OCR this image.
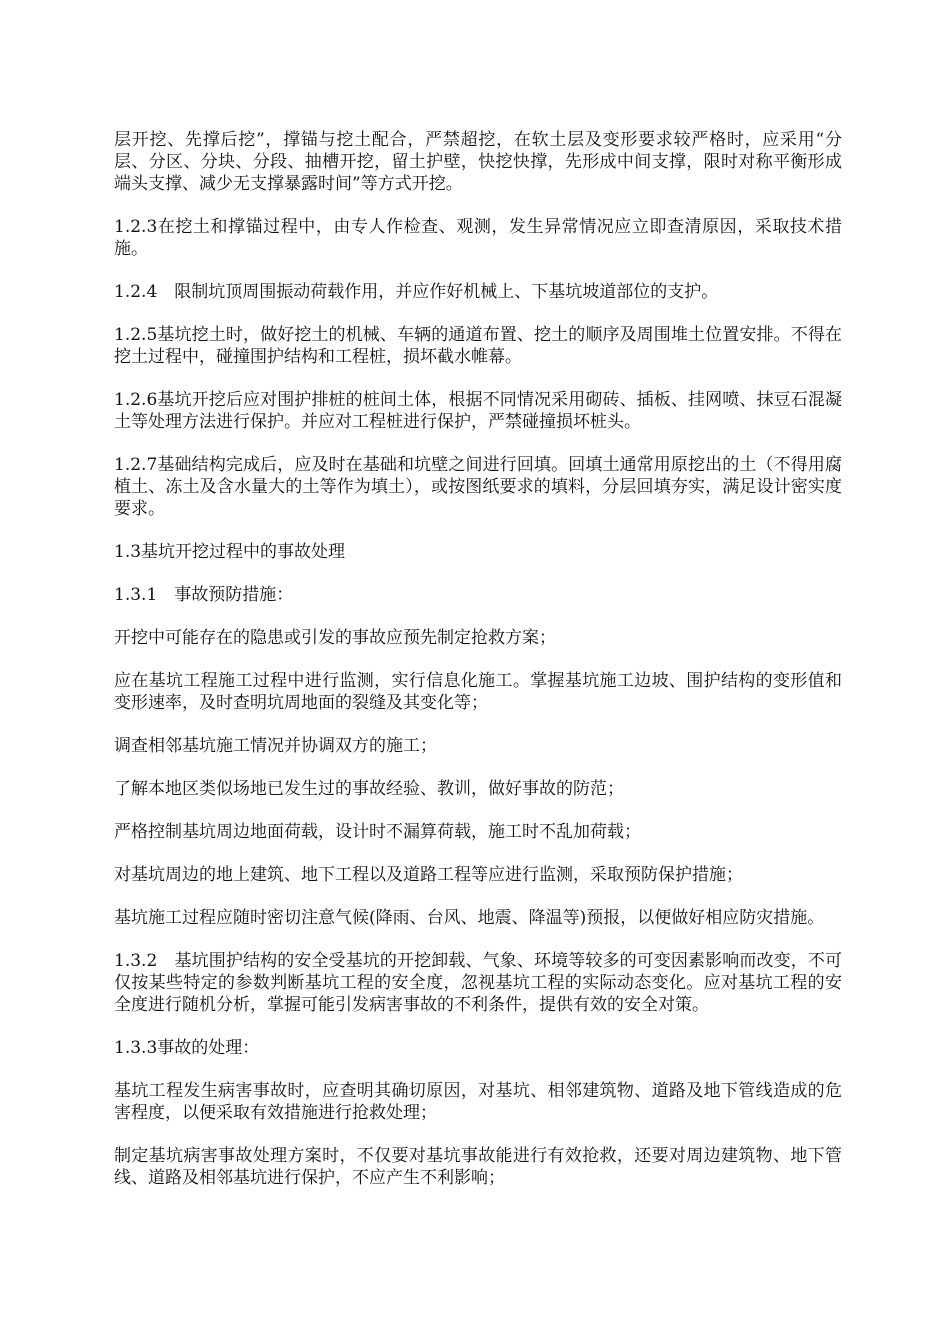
层开挖、先撑后挖”，撑锚与挖土配合，严禁超挖，在软土层及变形要求较严格时，应采用“分层、分区、分块、分段、抽槽开挖，留土护壁，快挖快撑，先形成中间支撑，限时对称平衡形成端头支撑、减少无支撑暴露时间”等方式开挖。

1.2.3在挖土和撑锚过程中，由专人作检查、观测，发生异常情况应立即查清原因，采取技术措施。

1.2.4　限制坑顶周围振动荷载作用，并应作好机械上、下基坑坡道部位的支护。

1.2.5基坑挖土时，做好挖土的机械、车辆的通道布置、挖土的顺序及周围堆土位置安排。不得在挖土过程中，碰撞围护结构和工程桩，损坏截水帷幕。

1.2.6基坑开挖后应对围护排桩的桩间土体，根据不同情况采用砌砖、插板、挂网喷、抹豆石混凝土等处理方法进行保护。并应对工程桩进行保护，严禁碰撞损坏桩头。

1.2.7基础结构完成后，应及时在基础和坑壁之间进行回填。回填土通常用原挖出的土（不得用腐植土、冻土及含水量大的土等作为填土），或按图纸要求的填料，分层回填夯实，满足设计密实度要求。

1.3基坑开挖过程中的事故处理

1.3.1　事故预防措施：

开挖中可能存在的隐患或引发的事故应预先制定抢救方案；

应在基坑工程施工过程中进行监测，实行信息化施工。掌握基坑施工边坡、围护结构的变形值和变形速率，及时查明坑周地面的裂缝及其变化等；

调查相邻基坑施工情况并协调双方的施工；

了解本地区类似场地已发生过的事故经验、教训，做好事故的防范；

严格控制基坑周边地面荷载，设计时不漏算荷载，施工时不乱加荷载；

对基坑周边的地上建筑、地下工程以及道路工程等应进行监测，采取预防保护措施；

基坑施工过程应随时密切注意气候(降雨、台风、地震、降温等)预报，以便做好相应防灾措施。

1.3.2　基坑围护结构的安全受基坑的开挖卸载、气象、环境等较多的可变因素影响而改变，不可仅按某些特定的参数判断基坑工程的安全度，忽视基坑工程的实际动态变化。应对基坑工程的安全度进行随机分析，掌握可能引发病害事故的不利条件，提供有效的安全对策。

1.3.3事故的处理：

基坑工程发生病害事故时，应查明其确切原因，对基坑、相邻建筑物、道路及地下管线造成的危害程度，以便采取有效措施进行抢救处理；

制定基坑病害事故处理方案时，不仅要对基坑事故能进行有效抢救，还要对周边建筑物、地下管线、道路及相邻基坑进行保护，不应产生不利影响；
